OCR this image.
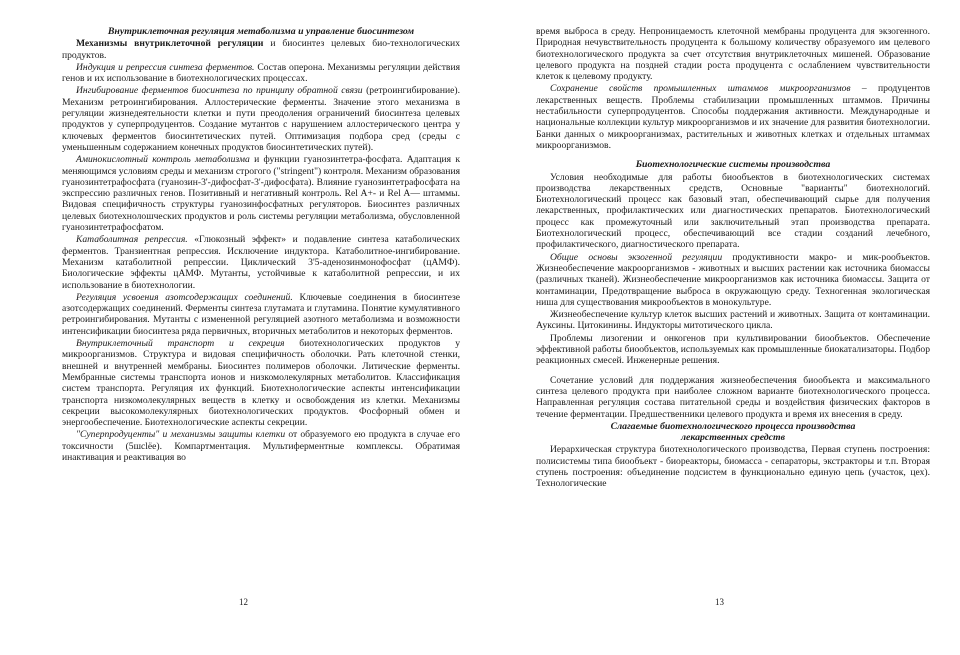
Внутриклеточная регуляция метаболизма и управление биосинтезом

Механизмы внутриклеточной регуляции и биосинтез целевых био-технологических продуктов.

Индукция и репрессия синтеза ферментов. Состав оперона. Механизмы регуляции действия генов и их использование в биотехнологических процессах.

Ингибирование ферментов биосинтеза по принципу обратной связи (ретроингибирование). Механизм ретроингибирования. Аллостерические ферменты. Значение этого механизма в регуляции жизнедеятельности клетки и пути преодоления ограничений биосинтеза целевых продуктов у суперпродуцентов. Создание мутантов с нарушением аллостерического центра у ключевых ферментов биосинтетических путей. Оптимизация подбора сред (среды с уменьшенным содержанием конечных продуктов биосинтетических путей).

Аминокислотный контроль метаболизма и функции гуанозинтетра-фосфата. Адаптация к меняющимся условиям среды и механизм строгого ("stringent") контроля. Механизм образования гуанозинтетрафосфата (гуанозин-3'-дифосфат-3'-дифосфата). Влияние гуанозинтетрафосфата на экспрессию различных генов. Позитивный и негативный контроль. Rel A+- и Rel A— штаммы. Видовая специфичность структуры гуанозинфосфатных регуляторов. Биосинтез различных целевых биотехнолошческих продуктов и роль системы регуляции метаболизма, обусловленной гуанозинтетрафосфатом.

Катаболитная репрессия. «Глюкозный эффект» и подавление синтеза катаболических ферментов. Транзиентная репрессия. Исключение индуктора. Катаболитное-ингибирование. Механизм катаболитной репрессии. Циклический 3'5-аденозинмонофосфат (цАМФ). Биологические эффекты цАМФ. Мутанты, устойчивые к катаболитной репрессии, и их использование в биотехнологии.

Регуляция усвоения азотсодержащих соединений. Ключевые соединения в биосинтезе азотсодержащих соединений. Ферменты синтеза глутамата и глутамина. Понятие кумулятивного ретроингибирования. Мутанты с измененной регуляцией азотного метаболизма и возможности интенсификации биосинтеза ряда первичных, вторичных метаболитов и некоторых ферментов.

Внутриклеточный транспорт и секреция биотехнологических продуктов у микроорганизмов. Структура и видовая специфичность оболочки. Рать клеточной стенки, внешней и внутренней мембраны. Биосинтез полимеров оболочки. Литические ферменты. Мембранные системы транспорта ионов и низкомолекулярных метаболитов. Классификация систем транспорта. Регуляция их функций. Биотехнологические аспекты интенсификации транспорта низкомолекулярных веществ в клетку и освобождения из клетки. Механизмы секреции высокомолекулярных биотехнологических продуктов. Фосфорный обмен и энергообеспечение. Биотехнологические аспекты секреции.

"Суперпродуценты" и механизмы защиты клетки от образуемого ею продукта в случае его токсичности (5шсlёе). Компартментация. Мультиферментные комплексы. Обратимая инактивация и реактивация во

время выброса в среду. Непроницаемость клеточной мембраны продуцента для экзогенного. Природная нечувствительность продуцента к большому количеству образуемого им целевого биотехнологического продукта за счет отсутствия внутриклеточных мишеней. Образование целевого продукта на поздней стадии роста продуцента с ослаблением чувствительности клеток к целевому продукту.

Сохранение свойств промышленных штаммов микроорганизмов – продуцентов лекарственных веществ. Проблемы стабилизации промышленных штаммов. Причины нестабильности суперпродуцентов. Способы поддержания активности. Международные и национальные коллекции культур микроорганизмов и их значение для развития биотехнологии. Банки данных о микроорганизмах, растительных и животных клетках и отдельных штаммах микроорганизмов.

Биотехнологические системы производства

Условия необходимые для работы биообъектов в биотехнологических системах производства лекарственных средств, Основные "варианты" биотехнологий. Биотехнологический процесс как базовый этап, обеспечивающий сырье для получения лекарственных, профилактических или диагностических препаратов. Биотехнологический процесс как промежуточный или заключительный этап производства препарата. Биотехнологический процесс, обеспечивающий все стадии созданий лечебного, профилактического, диагностического препарата.

Общие основы экзогенной регуляции продуктивности макро- и мик-рообъектов. Жизнеобеспечение макроорганизмов - животных и высших растении как источника биомассы (различных тканей). Жизнеобеспечение микроорганизмов как источника биомассы. Защита от контаминации, Предотвращение выброса в окружающую среду. Техногенная экологическая ниша для существования микрообъектов в монокультуре.

Жизнеобеспечение культур клеток высших растений и животных. Защита от контаминации. Ауксины. Цитокинины. Индукторы митотического цикла.

Проблемы лизогении и онкогенов при культивировании биообъектов. Обеспечение эффективной работы биообъектов, используемых как промышленные биокатализаторы. Подбор реакционных смесей. Инженерные решения.

Сочетание условий для поддержания жизнеобеспечения биообъекта и максимального синтеза целевого продукта при наиболее сложном варианте биотехнологического процесса. Направленная регуляция состава питательной среды и воздействия физических факторов в течение ферментации. Предшественники целевого продукта и время их внесения в среду.

Слагаемые биотехнологического процесса производства
лекарственных средств

Иерархическая структура биотехнологического производства, Первая ступень построения: полисистемы типа биообъект - биореакторы, биомасса - сепараторы, экстракторы и т.п. Вторая ступень построения: объединение подсистем в функционально единую цепь (участок, цех). Технологические

12	13
